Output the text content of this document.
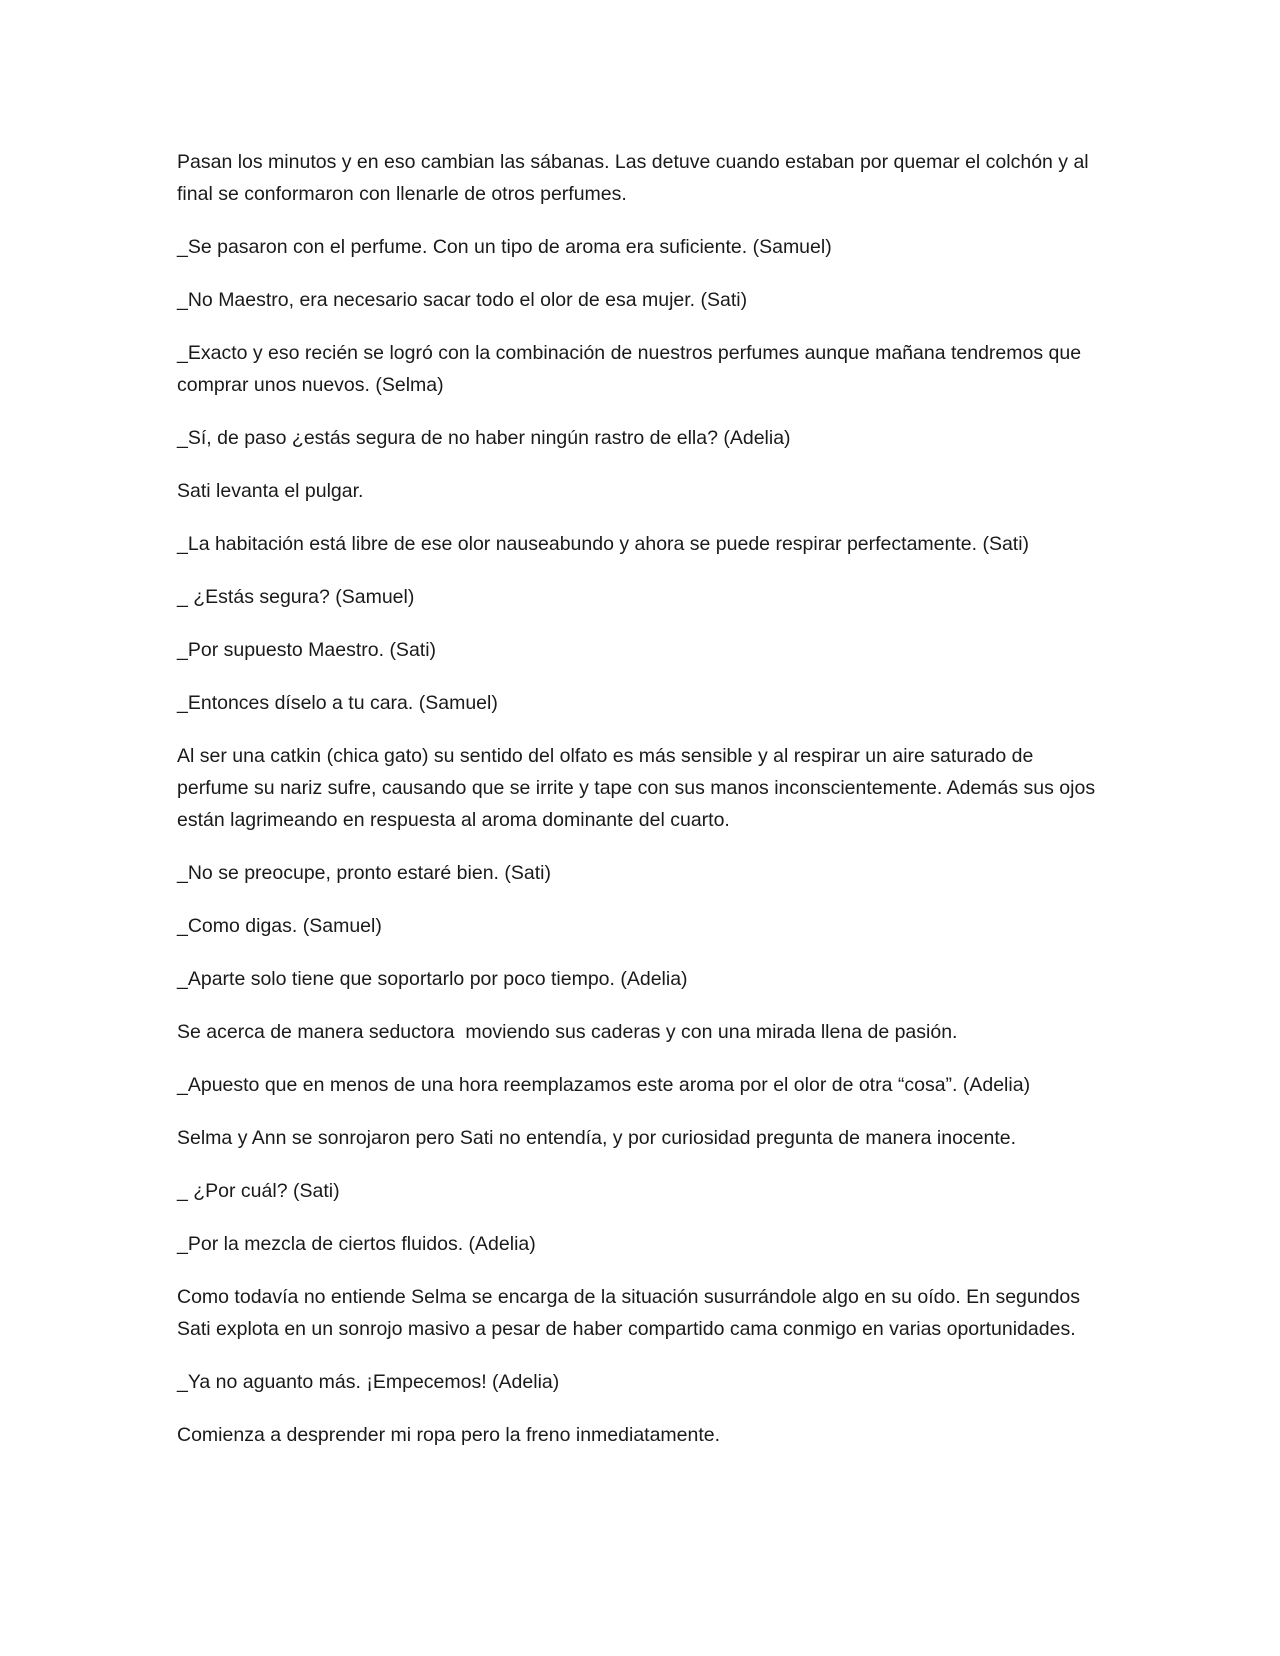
Pasan los minutos y en eso cambian las sábanas. Las detuve cuando estaban por quemar el colchón y al final se conformaron con llenarle de otros perfumes.

_Se pasaron con el perfume. Con un tipo de aroma era suficiente. (Samuel)

_No Maestro, era necesario sacar todo el olor de esa mujer. (Sati)

_Exacto y eso recién se logró con la combinación de nuestros perfumes aunque mañana tendremos que comprar unos nuevos. (Selma)

_Sí, de paso ¿estás segura de no haber ningún rastro de ella? (Adelia)

Sati levanta el pulgar.

_La habitación está libre de ese olor nauseabundo y ahora se puede respirar perfectamente. (Sati)

_ ¿Estás segura? (Samuel)

_Por supuesto Maestro. (Sati)

_Entonces díselo a tu cara. (Samuel)

Al ser una catkin (chica gato) su sentido del olfato es más sensible y al respirar un aire saturado de perfume su nariz sufre, causando que se irrite y tape con sus manos inconscientemente. Además sus ojos están lagrimeando en respuesta al aroma dominante del cuarto.

_No se preocupe, pronto estaré bien. (Sati)

_Como digas. (Samuel)

_Aparte solo tiene que soportarlo por poco tiempo. (Adelia)

Se acerca de manera seductora  moviendo sus caderas y con una mirada llena de pasión.

_Apuesto que en menos de una hora reemplazamos este aroma por el olor de otra “cosa”. (Adelia)

Selma y Ann se sonrojaron pero Sati no entendía, y por curiosidad pregunta de manera inocente.

_ ¿Por cuál? (Sati)

_Por la mezcla de ciertos fluidos. (Adelia)

Como todavía no entiende Selma se encarga de la situación susurrándole algo en su oído. En segundos Sati explota en un sonrojo masivo a pesar de haber compartido cama conmigo en varias oportunidades.

_Ya no aguanto más. ¡Empecemos! (Adelia)

Comienza a desprender mi ropa pero la freno inmediatamente.
